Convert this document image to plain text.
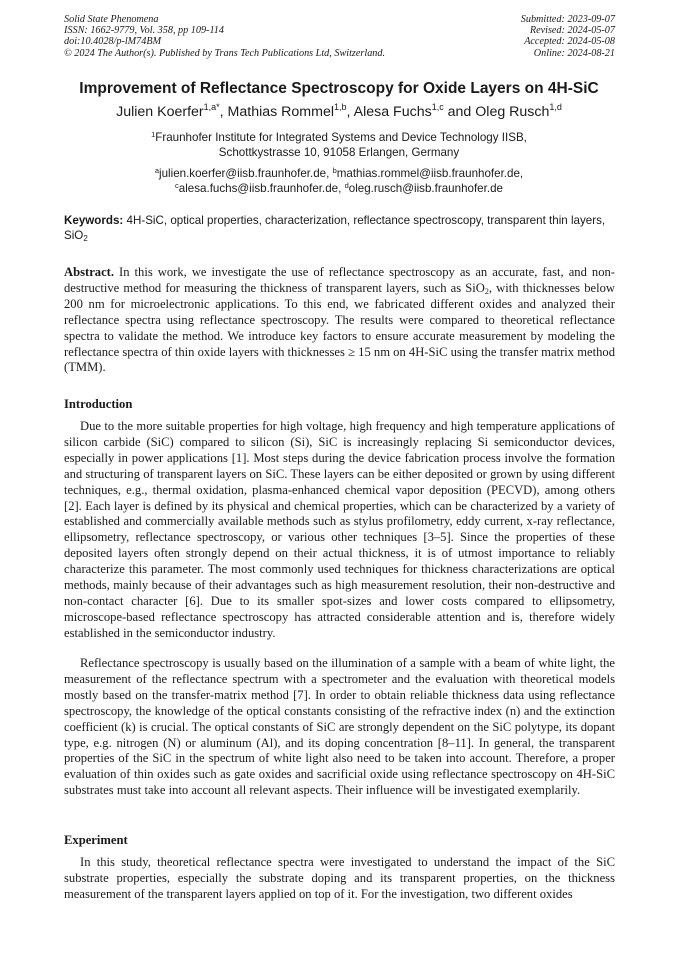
Solid State Phenomena
ISSN: 1662-9779, Vol. 358, pp 109-114
doi:10.4028/p-lM74BM
© 2024 The Author(s). Published by Trans Tech Publications Ltd, Switzerland.
Submitted: 2023-09-07
Revised: 2024-05-07
Accepted: 2024-05-08
Online: 2024-08-21
Improvement of Reflectance Spectroscopy for Oxide Layers on 4H-SiC
Julien Koerfer$^{1,a*}$, Mathias Rommel$^{1,b}$, Alesa Fuchs$^{1,c}$ and Oleg Rusch$^{1,d}$
$^1$Fraunhofer Institute for Integrated Systems and Device Technology IISB,
Schottkystrasse 10, 91058 Erlangen, Germany
$^a$julien.koerfer@iisb.fraunhofer.de, $^b$mathias.rommel@iisb.fraunhofer.de,
$^c$alesa.fuchs@iisb.fraunhofer.de, $^d$oleg.rusch@iisb.fraunhofer.de
Keywords: 4H-SiC, optical properties, characterization, reflectance spectroscopy, transparent thin layers, SiO$_2$
Abstract. In this work, we investigate the use of reflectance spectroscopy as an accurate, fast, and non-destructive method for measuring the thickness of transparent layers, such as SiO$_2$, with thicknesses below 200 nm for microelectronic applications. To this end, we fabricated different oxides and analyzed their reflectance spectra using reflectance spectroscopy. The results were compared to theoretical reflectance spectra to validate the method. We introduce key factors to ensure accurate measurement by modeling the reflectance spectra of thin oxide layers with thicknesses ≥ 15 nm on 4H-SiC using the transfer matrix method (TMM).
Introduction

Due to the more suitable properties for high voltage, high frequency and high temperature applications of silicon carbide (SiC) compared to silicon (Si), SiC is increasingly replacing Si semiconductor devices, especially in power applications [1]. Most steps during the device fabrication process involve the formation and structuring of transparent layers on SiC. These layers can be either deposited or grown by using different techniques, e.g., thermal oxidation, plasma-enhanced chemical vapor deposition (PECVD), among others [2]. Each layer is defined by its physical and chemical properties, which can be characterized by a variety of established and commercially available methods such as stylus profilometry, eddy current, x-ray reflectance, ellipsometry, reflectance spectroscopy, or various other techniques [3–5]. Since the properties of these deposited layers often strongly depend on their actual thickness, it is of utmost importance to reliably characterize this parameter. The most commonly used techniques for thickness characterizations are optical methods, mainly because of their advantages such as high measurement resolution, their non-destructive and non-contact character [6]. Due to its smaller spot-sizes and lower costs compared to ellipsometry, microscope-based reflectance spectroscopy has attracted considerable attention and is, therefore widely established in the semiconductor industry.

Reflectance spectroscopy is usually based on the illumination of a sample with a beam of white light, the measurement of the reflectance spectrum with a spectrometer and the evaluation with theoretical models mostly based on the transfer-matrix method [7]. In order to obtain reliable thickness data using reflectance spectroscopy, the knowledge of the optical constants consisting of the refractive index (n) and the extinction coefficient (k) is crucial. The optical constants of SiC are strongly dependent on the SiC polytype, its dopant type, e.g. nitrogen (N) or aluminum (Al), and its doping concentration [8–11]. In general, the transparent properties of the SiC in the spectrum of white light also need to be taken into account. Therefore, a proper evaluation of thin oxides such as gate oxides and sacrificial oxide using reflectance spectroscopy on 4H-SiC substrates must take into account all relevant aspects. Their influence will be investigated exemplarily.

Experiment

In this study, theoretical reflectance spectra were investigated to understand the impact of the SiC substrate properties, especially the substrate doping and its transparent properties, on the thickness measurement of the transparent layers applied on top of it. For the investigation, two different oxides
